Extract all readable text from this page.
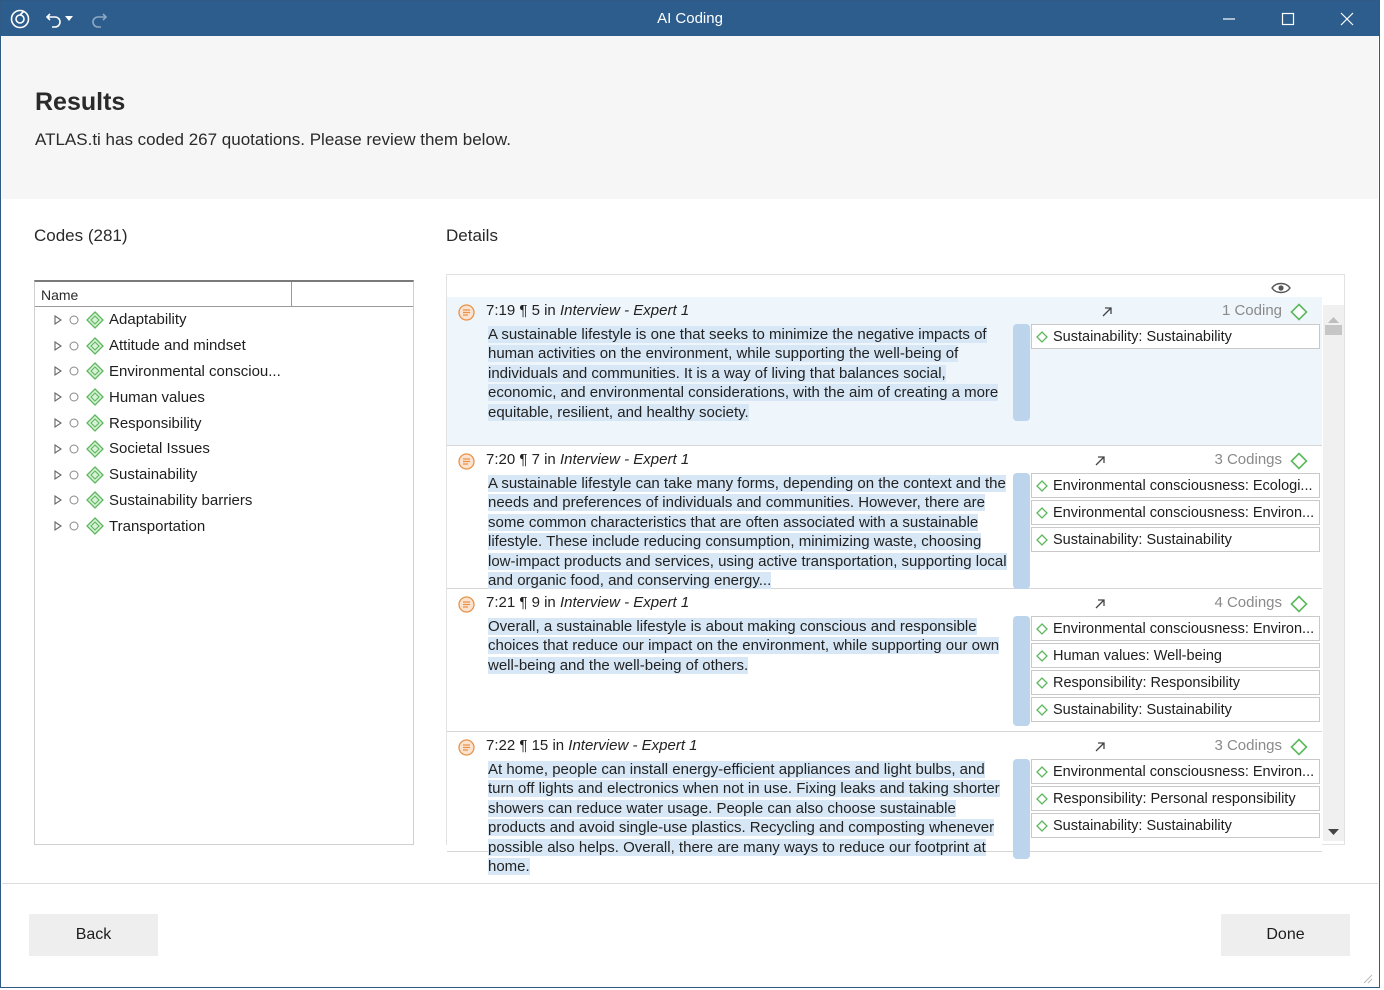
AI Coding
Results
ATLAS.ti has coded 267 quotations. Please review them below.
Codes (281)
Name
Adaptability
Attitude and mindset
Environmental consciou...
Human values
Responsibility
Societal Issues
Sustainability
Sustainability barriers
Transportation
Details
7:19 ¶ 5 in Interview - Expert 1
A sustainable lifestyle is one that seeks to minimize the negative impacts of human activities on the environment, while supporting the well-being of individuals and communities. It is a way of living that balances social, economic, and environmental considerations, with the aim of creating a more equitable, resilient, and healthy society.
1 Coding
Sustainability: Sustainability
7:20 ¶ 7 in Interview - Expert 1
A sustainable lifestyle can take many forms, depending on the context and the needs and preferences of individuals and communities. However, there are some common characteristics that are often associated with a sustainable lifestyle. These include reducing consumption, minimizing waste, choosing low-impact products and services, using active transportation, supporting local and organic food, and conserving energy...
3 Codings
Environmental consciousness: Ecologi...
Environmental consciousness: Environ...
Sustainability: Sustainability
7:21 ¶ 9 in Interview - Expert 1
Overall, a sustainable lifestyle is about making conscious and responsible choices that reduce our impact on the environment, while supporting our own well-being and the well-being of others.
4 Codings
Environmental consciousness: Environ...
Human values: Well-being
Responsibility: Responsibility
Sustainability: Sustainability
7:22 ¶ 15 in Interview - Expert 1
At home, people can install energy-efficient appliances and light bulbs, and turn off lights and electronics when not in use. Fixing leaks and taking shorter showers can reduce water usage. People can also choose sustainable products and avoid single-use plastics. Recycling and composting whenever possible also helps. Overall, there are many ways to reduce our footprint at home.
3 Codings
Environmental consciousness: Environ...
Responsibility: Personal responsibility
Sustainability: Sustainability
Back	Done
